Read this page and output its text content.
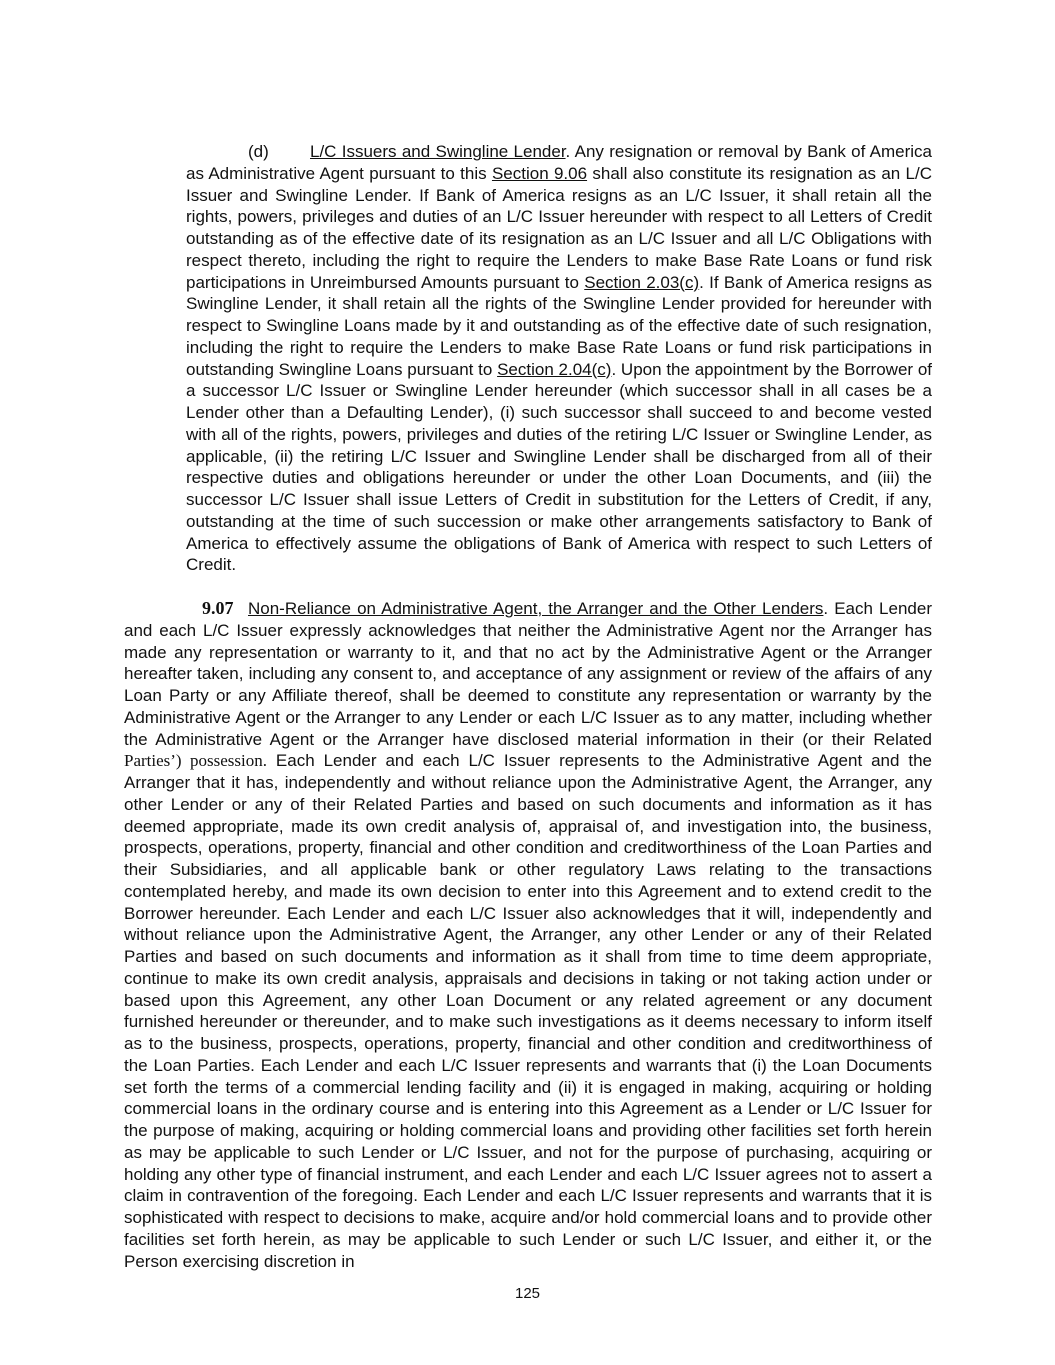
(d) L/C Issuers and Swingline Lender. Any resignation or removal by Bank of America as Administrative Agent pursuant to this Section 9.06 shall also constitute its resignation as an L/C Issuer and Swingline Lender. If Bank of America resigns as an L/C Issuer, it shall retain all the rights, powers, privileges and duties of an L/C Issuer hereunder with respect to all Letters of Credit outstanding as of the effective date of its resignation as an L/C Issuer and all L/C Obligations with respect thereto, including the right to require the Lenders to make Base Rate Loans or fund risk participations in Unreimbursed Amounts pursuant to Section 2.03(c). If Bank of America resigns as Swingline Lender, it shall retain all the rights of the Swingline Lender provided for hereunder with respect to Swingline Loans made by it and outstanding as of the effective date of such resignation, including the right to require the Lenders to make Base Rate Loans or fund risk participations in outstanding Swingline Loans pursuant to Section 2.04(c). Upon the appointment by the Borrower of a successor L/C Issuer or Swingline Lender hereunder (which successor shall in all cases be a Lender other than a Defaulting Lender), (i) such successor shall succeed to and become vested with all of the rights, powers, privileges and duties of the retiring L/C Issuer or Swingline Lender, as applicable, (ii) the retiring L/C Issuer and Swingline Lender shall be discharged from all of their respective duties and obligations hereunder or under the other Loan Documents, and (iii) the successor L/C Issuer shall issue Letters of Credit in substitution for the Letters of Credit, if any, outstanding at the time of such succession or make other arrangements satisfactory to Bank of America to effectively assume the obligations of Bank of America with respect to such Letters of Credit.

9.07 Non-Reliance on Administrative Agent, the Arranger and the Other Lenders. Each Lender and each L/C Issuer expressly acknowledges that neither the Administrative Agent nor the Arranger has made any representation or warranty to it, and that no act by the Administrative Agent or the Arranger hereafter taken, including any consent to, and acceptance of any assignment or review of the affairs of any Loan Party or any Affiliate thereof, shall be deemed to constitute any representation or warranty by the Administrative Agent or the Arranger to any Lender or each L/C Issuer as to any matter, including whether the Administrative Agent or the Arranger have disclosed material information in their (or their Related Parties’) possession. Each Lender and each L/C Issuer represents to the Administrative Agent and the Arranger that it has, independently and without reliance upon the Administrative Agent, the Arranger, any other Lender or any of their Related Parties and based on such documents and information as it has deemed appropriate, made its own credit analysis of, appraisal of, and investigation into, the business, prospects, operations, property, financial and other condition and creditworthiness of the Loan Parties and their Subsidiaries, and all applicable bank or other regulatory Laws relating to the transactions contemplated hereby, and made its own decision to enter into this Agreement and to extend credit to the Borrower hereunder. Each Lender and each L/C Issuer also acknowledges that it will, independently and without reliance upon the Administrative Agent, the Arranger, any other Lender or any of their Related Parties and based on such documents and information as it shall from time to time deem appropriate, continue to make its own credit analysis, appraisals and decisions in taking or not taking action under or based upon this Agreement, any other Loan Document or any related agreement or any document furnished hereunder or thereunder, and to make such investigations as it deems necessary to inform itself as to the business, prospects, operations, property, financial and other condition and creditworthiness of the Loan Parties. Each Lender and each L/C Issuer represents and warrants that (i) the Loan Documents set forth the terms of a commercial lending facility and (ii) it is engaged in making, acquiring or holding commercial loans in the ordinary course and is entering into this Agreement as a Lender or L/C Issuer for the purpose of making, acquiring or holding commercial loans and providing other facilities set forth herein as may be applicable to such Lender or L/C Issuer, and not for the purpose of purchasing, acquiring or holding any other type of financial instrument, and each Lender and each L/C Issuer agrees not to assert a claim in contravention of the foregoing. Each Lender and each L/C Issuer represents and warrants that it is sophisticated with respect to decisions to make, acquire and/or hold commercial loans and to provide other facilities set forth herein, as may be applicable to such Lender or such L/C Issuer, and either it, or the Person exercising discretion in

125
